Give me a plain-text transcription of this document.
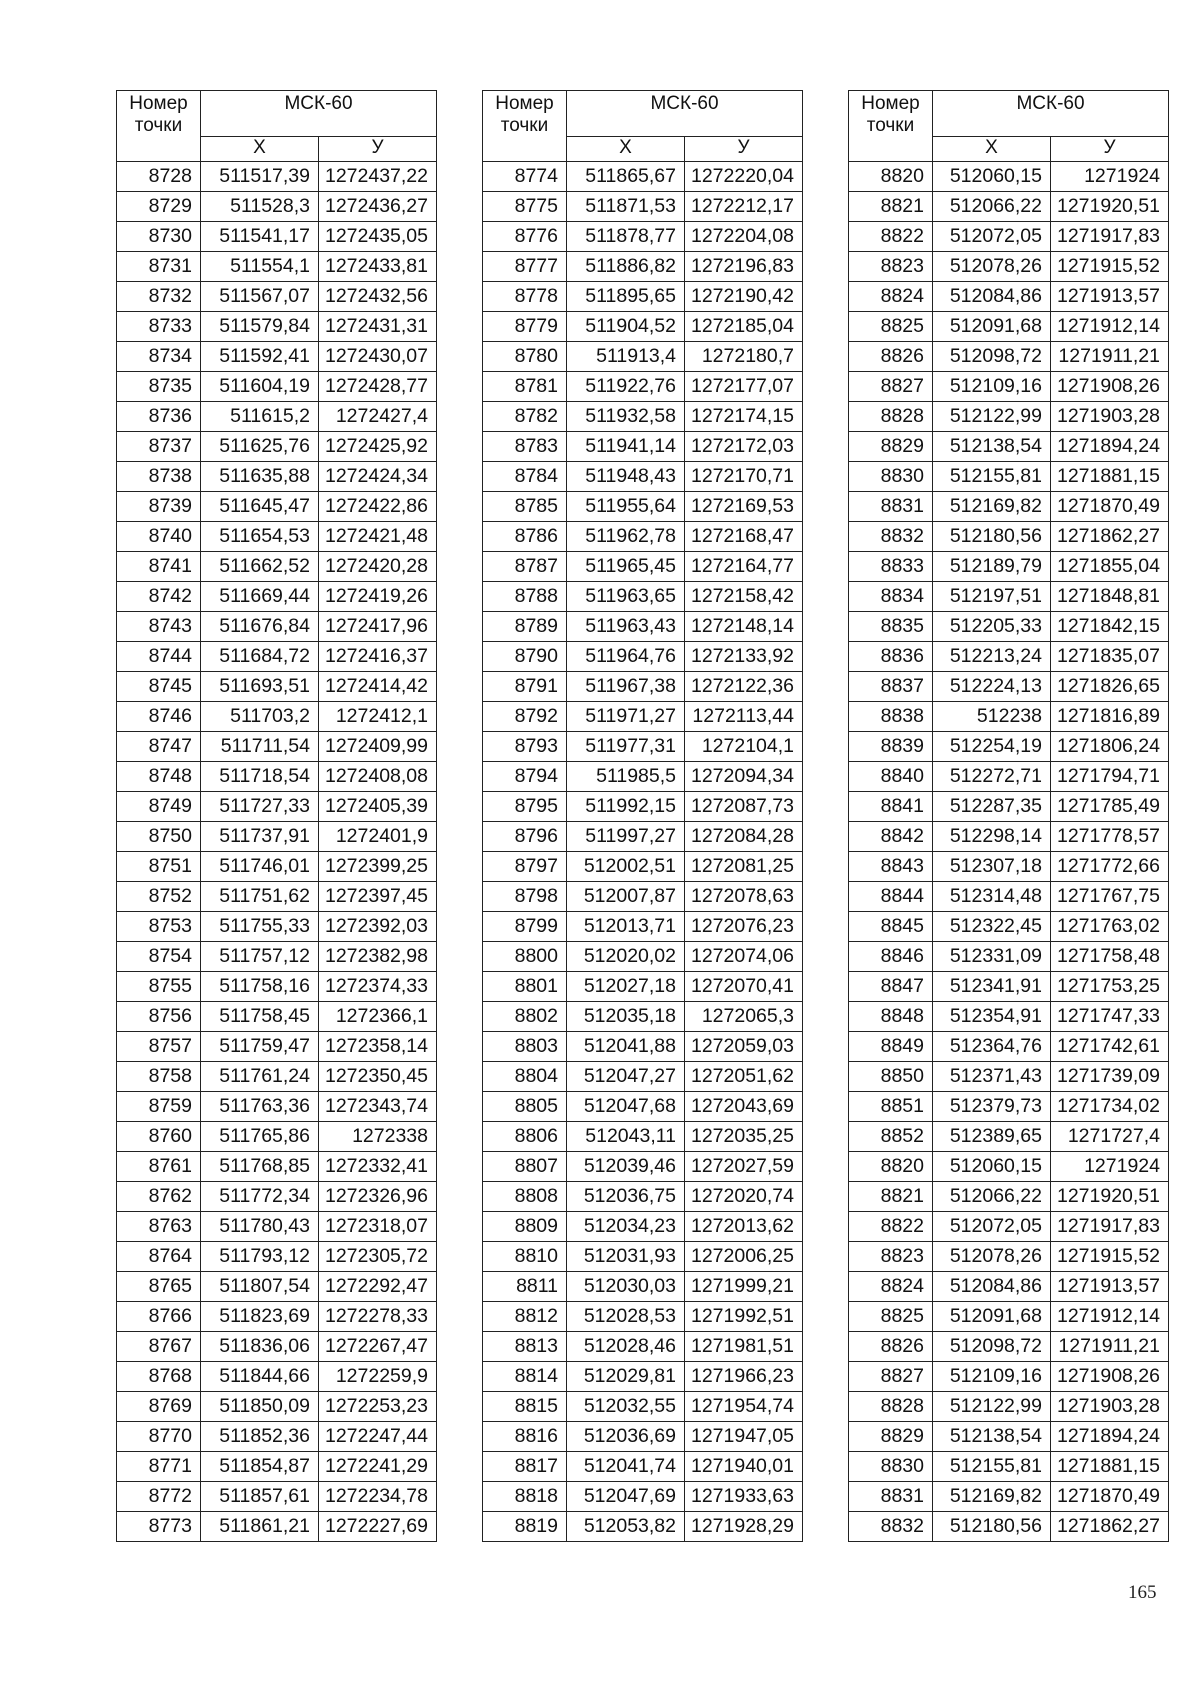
Номер точки	МСК-60	
	Х	У
8728	511517,39	1272437,22
8729	511528,3	1272436,27
8730	511541,17	1272435,05
8731	511554,1	1272433,81
8732	511567,07	1272432,56
8733	511579,84	1272431,31
8734	511592,41	1272430,07
8735	511604,19	1272428,77
8736	511615,2	1272427,4
8737	511625,76	1272425,92
8738	511635,88	1272424,34
8739	511645,47	1272422,86
8740	511654,53	1272421,48
8741	511662,52	1272420,28
8742	511669,44	1272419,26
8743	511676,84	1272417,96
8744	511684,72	1272416,37
8745	511693,51	1272414,42
8746	511703,2	1272412,1
8747	511711,54	1272409,99
8748	511718,54	1272408,08
8749	511727,33	1272405,39
8750	511737,91	1272401,9
8751	511746,01	1272399,25
8752	511751,62	1272397,45
8753	511755,33	1272392,03
8754	511757,12	1272382,98
8755	511758,16	1272374,33
8756	511758,45	1272366,1
8757	511759,47	1272358,14
8758	511761,24	1272350,45
8759	511763,36	1272343,74
8760	511765,86	1272338
8761	511768,85	1272332,41
8762	511772,34	1272326,96
8763	511780,43	1272318,07
8764	511793,12	1272305,72
8765	511807,54	1272292,47
8766	511823,69	1272278,33
8767	511836,06	1272267,47
8768	511844,66	1272259,9
8769	511850,09	1272253,23
8770	511852,36	1272247,44
8771	511854,87	1272241,29
8772	511857,61	1272234,78
8773	511861,21	1272227,69
Номер точки	МСК-60	
	Х	У
8774	511865,67	1272220,04
8775	511871,53	1272212,17
8776	511878,77	1272204,08
8777	511886,82	1272196,83
8778	511895,65	1272190,42
8779	511904,52	1272185,04
8780	511913,4	1272180,7
8781	511922,76	1272177,07
8782	511932,58	1272174,15
8783	511941,14	1272172,03
8784	511948,43	1272170,71
8785	511955,64	1272169,53
8786	511962,78	1272168,47
8787	511965,45	1272164,77
8788	511963,65	1272158,42
8789	511963,43	1272148,14
8790	511964,76	1272133,92
8791	511967,38	1272122,36
8792	511971,27	1272113,44
8793	511977,31	1272104,1
8794	511985,5	1272094,34
8795	511992,15	1272087,73
8796	511997,27	1272084,28
8797	512002,51	1272081,25
8798	512007,87	1272078,63
8799	512013,71	1272076,23
8800	512020,02	1272074,06
8801	512027,18	1272070,41
8802	512035,18	1272065,3
8803	512041,88	1272059,03
8804	512047,27	1272051,62
8805	512047,68	1272043,69
8806	512043,11	1272035,25
8807	512039,46	1272027,59
8808	512036,75	1272020,74
8809	512034,23	1272013,62
8810	512031,93	1272006,25
8811	512030,03	1271999,21
8812	512028,53	1271992,51
8813	512028,46	1271981,51
8814	512029,81	1271966,23
8815	512032,55	1271954,74
8816	512036,69	1271947,05
8817	512041,74	1271940,01
8818	512047,69	1271933,63
8819	512053,82	1271928,29
Номер точки	МСК-60	
	Х	У
8820	512060,15	1271924
8821	512066,22	1271920,51
8822	512072,05	1271917,83
8823	512078,26	1271915,52
8824	512084,86	1271913,57
8825	512091,68	1271912,14
8826	512098,72	1271911,21
8827	512109,16	1271908,26
8828	512122,99	1271903,28
8829	512138,54	1271894,24
8830	512155,81	1271881,15
8831	512169,82	1271870,49
8832	512180,56	1271862,27
8833	512189,79	1271855,04
8834	512197,51	1271848,81
8835	512205,33	1271842,15
8836	512213,24	1271835,07
8837	512224,13	1271826,65
8838	512238	1271816,89
8839	512254,19	1271806,24
8840	512272,71	1271794,71
8841	512287,35	1271785,49
8842	512298,14	1271778,57
8843	512307,18	1271772,66
8844	512314,48	1271767,75
8845	512322,45	1271763,02
8846	512331,09	1271758,48
8847	512341,91	1271753,25
8848	512354,91	1271747,33
8849	512364,76	1271742,61
8850	512371,43	1271739,09
8851	512379,73	1271734,02
8852	512389,65	1271727,4
8820	512060,15	1271924
8821	512066,22	1271920,51
8822	512072,05	1271917,83
8823	512078,26	1271915,52
8824	512084,86	1271913,57
8825	512091,68	1271912,14
8826	512098,72	1271911,21
8827	512109,16	1271908,26
8828	512122,99	1271903,28
8829	512138,54	1271894,24
8830	512155,81	1271881,15
8831	512169,82	1271870,49
8832	512180,56	1271862,27
165
